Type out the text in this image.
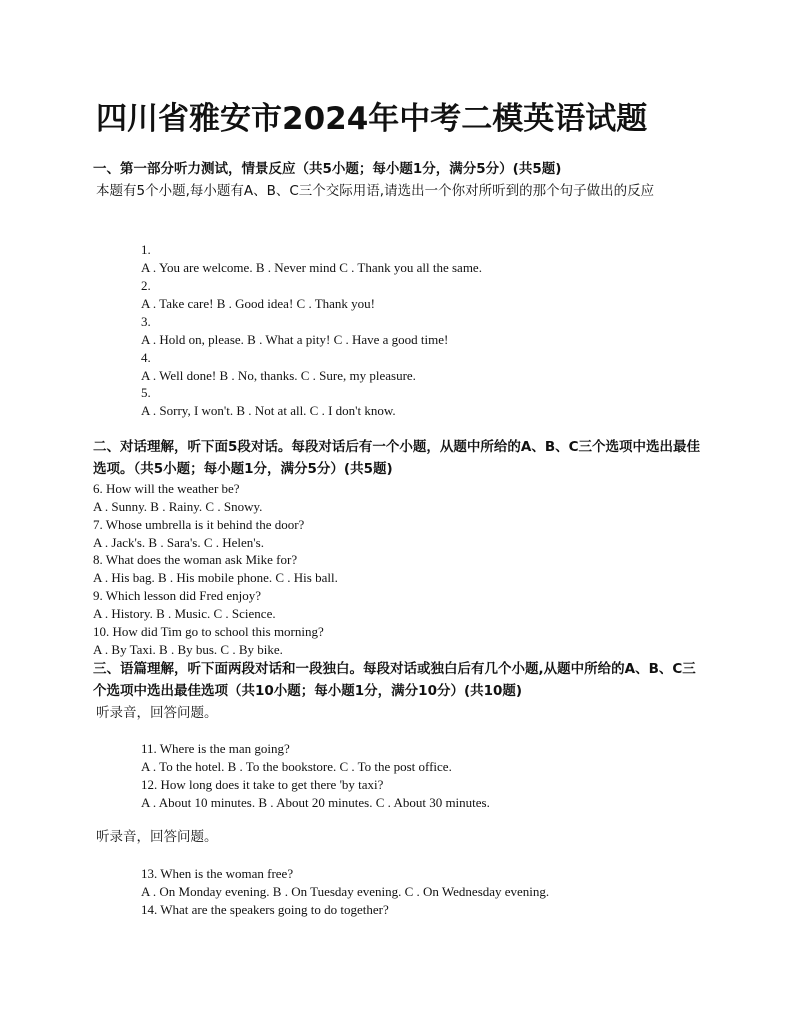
四川省雅安市2024年中考二模英语试题
一、第一部分听力测试，情景反应（共5小题；每小题1分，满分5分）(共5题)
本题有5个小题,每小题有A、B、C三个交际用语,请选出一个你对所听到的那个句子做出的反应
1.
A . You are welcome. B . Never mind C . Thank you all the same.
2.
A . Take care! B . Good idea! C . Thank you!
3.
A . Hold on, please. B . What a pity! C . Have a good time!
4.
A . Well done! B . No, thanks. C . Sure, my pleasure.
5.
A . Sorry, I won't. B . Not at all. C . I don't know.
二、对话理解，听下面5段对话。每段对话后有一个小题，从题中所给的A、B、C三个选项中选出最佳选项。（共5小题；每小题1分，满分5分）(共5题)
6. How will the weather be?
A . Sunny. B . Rainy. C . Snowy.
7. Whose umbrella is it behind the door?
A . Jack's. B . Sara's. C . Helen's.
8. What does the woman ask Mike for?
A . His bag. B . His mobile phone. C . His ball.
9. Which lesson did Fred enjoy?
A . History. B . Music. C . Science.
10. How did Tim go to school this morning?
A . By Taxi. B . By bus. C . By bike.
三、语篇理解，听下面两段对话和一段独白。每段对话或独白后有几个小题,从题中所给的A、B、C三个选项中选出最佳选项（共10小题；每小题1分，满分10分）(共10题)
听录音，回答问题。
11. Where is the man going?
A . To the hotel. B . To the bookstore. C . To the post office.
12. How long does it take to get there 'by taxi?
A . About 10 minutes. B . About 20 minutes. C . About 30 minutes.
听录音，回答问题。
13. When is the woman free?
A . On Monday evening. B . On Tuesday evening. C . On Wednesday evening.
14. What are the speakers going to do together?
